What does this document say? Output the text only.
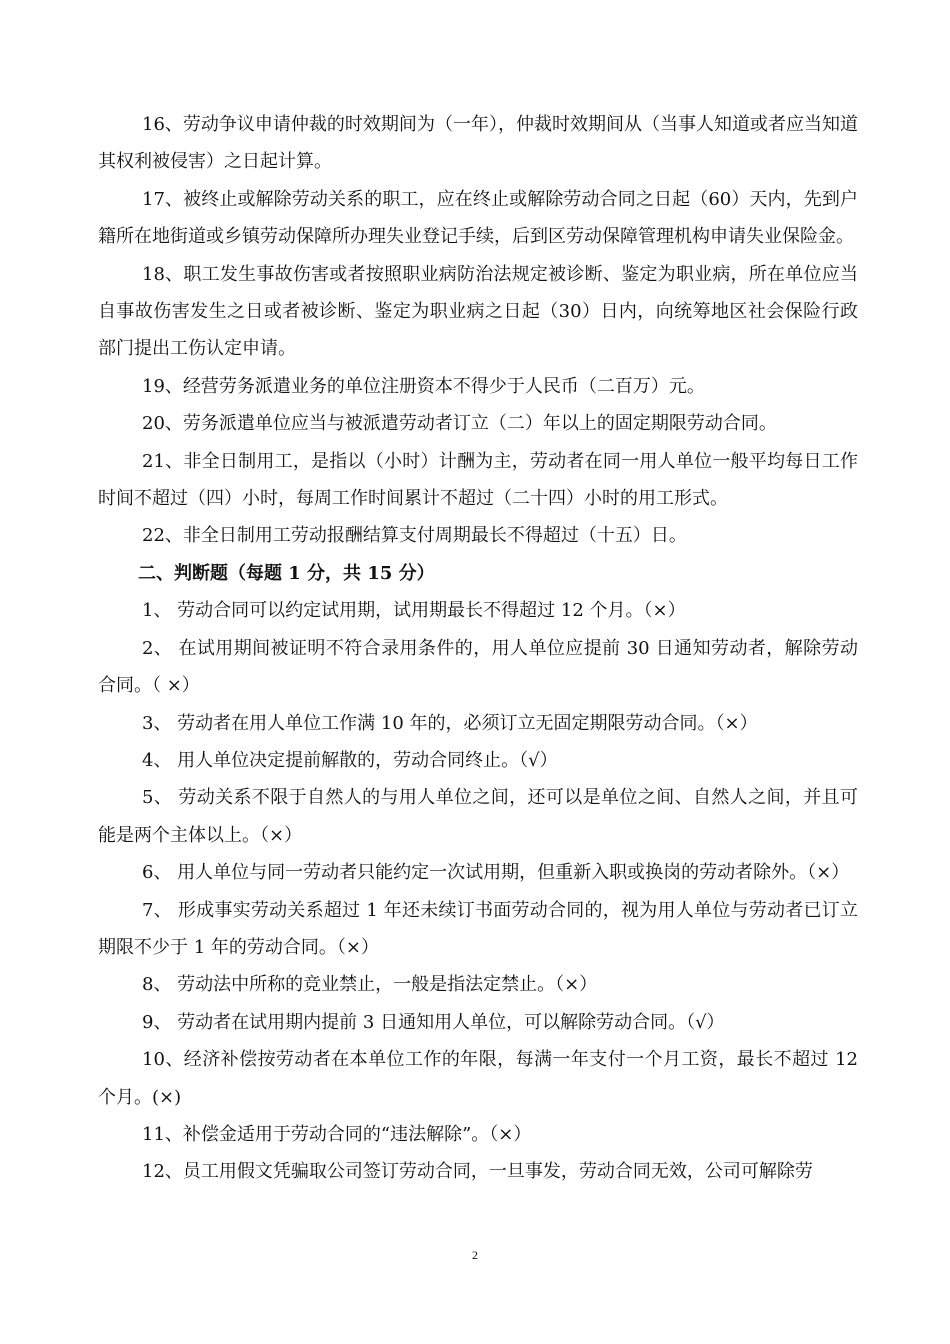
16、劳动争议申请仲裁的时效期间为（一年），仲裁时效期间从（当事人知道或者应当知道其权利被侵害）之日起计算。

17、被终止或解除劳动关系的职工，应在终止或解除劳动合同之日起（60）天内，先到户籍所在地街道或乡镇劳动保障所办理失业登记手续，后到区劳动保障管理机构申请失业保险金。

18、职工发生事故伤害或者按照职业病防治法规定被诊断、鉴定为职业病，所在单位应当自事故伤害发生之日或者被诊断、鉴定为职业病之日起（30）日内，向统筹地区社会保险行政部门提出工伤认定申请。

19、经营劳务派遣业务的单位注册资本不得少于人民币（二百万）元。

20、劳务派遣单位应当与被派遣劳动者订立（二）年以上的固定期限劳动合同。

21、非全日制用工，是指以（小时）计酬为主，劳动者在同一用人单位一般平均每日工作时间不超过（四）小时，每周工作时间累计不超过（二十四）小时的用工形式。

22、非全日制用工劳动报酬结算支付周期最长不得超过（十五）日。

二、判断题（每题 1 分，共 15 分）

1、 劳动合同可以约定试用期，试用期最长不得超过 12 个月。（×）

2、 在试用期间被证明不符合录用条件的，用人单位应提前 30 日通知劳动者，解除劳动合同。（ ×）

3、 劳动者在用人单位工作满 10 年的，必须订立无固定期限劳动合同。（×）

4、 用人单位决定提前解散的，劳动合同终止。（√）

5、 劳动关系不限于自然人的与用人单位之间，还可以是单位之间、自然人之间，并且可能是两个主体以上。（×）

6、 用人单位与同一劳动者只能约定一次试用期，但重新入职或换岗的劳动者除外。（×）

7、 形成事实劳动关系超过 1 年还未续订书面劳动合同的，视为用人单位与劳动者已订立期限不少于 1 年的劳动合同。（×）

8、 劳动法中所称的竞业禁止，一般是指法定禁止。（×）

9、 劳动者在试用期内提前 3 日通知用人单位，可以解除劳动合同。（√）

10、经济补偿按劳动者在本单位工作的年限，每满一年支付一个月工资，最长不超过 12 个月。(×)

11、补偿金适用于劳动合同的“违法解除”。（×）

12、员工用假文凭骗取公司签订劳动合同，一旦事发，劳动合同无效，公司可解除劳

2
